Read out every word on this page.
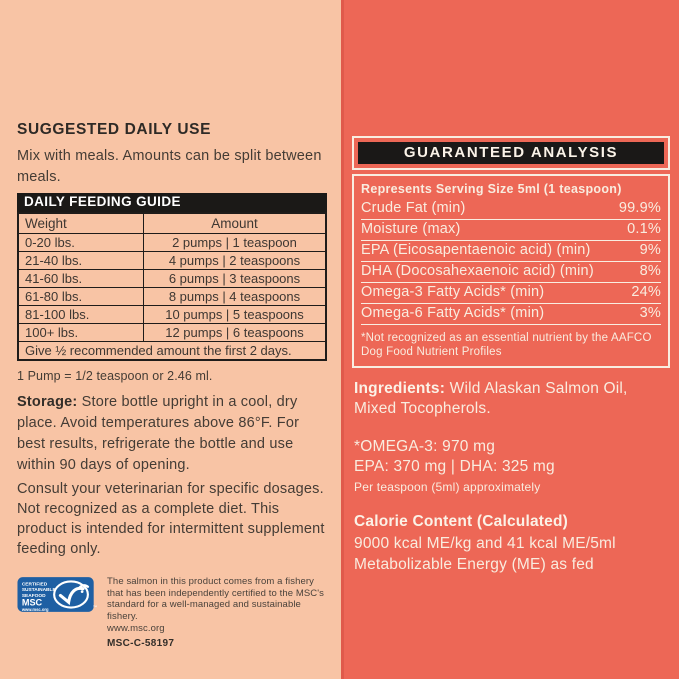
SUGGESTED DAILY USE

Mix with meals. Amounts can be split between meals.

DAILY FEEDING GUIDE
Weight	Amount
0-20 lbs.	2 pumps | 1 teaspoon
21-40 lbs.	4 pumps | 2 teaspoons
41-60 lbs.	6 pumps | 3 teaspoons
61-80 lbs.	8 pumps | 4 teaspoons
81-100 lbs.	10 pumps | 5 teaspoons
100+ lbs.	12 pumps | 6 teaspoons
Give ½ recommended amount the first 2 days.	

1 Pump = 1/2 teaspoon or 2.46 ml.

Storage: Store bottle upright in a cool, dry place. Avoid temperatures above 86°F. For best results, refrigerate the bottle and use within 90 days of opening.

Consult your veterinarian for specific dosages. Not recognized as a complete diet. This product is intended for intermittent supplement feeding only.

CERTIFIED
SUSTAINABLE
SEAFOOD
MSC
www.msc.org	™
The salmon in this product comes from a fishery that has been independently certified to the MSC's standard for a well-managed and sustainable fishery.
www.msc.org
MSC-C-58197
GUARANTEED ANALYSIS
Represents Serving Size 5ml (1 teaspoon)
Crude Fat (min)	99.9%
Moisture (max)	0.1%
EPA (Eicosapentaenoic acid) (min)	9%
DHA (Docosahexaenoic acid) (min)	8%
Omega-3 Fatty Acids* (min)	24%
Omega-6 Fatty Acids* (min)	3%
*Not recognized as an essential nutrient by the AAFCO Dog Food Nutrient Profiles

Ingredients: Wild Alaskan Salmon Oil, Mixed Tocopherols.

*OMEGA-3: 970 mg
EPA: 370 mg | DHA: 325 mg
Per teaspoon (5ml) approximately
Calorie Content (Calculated)
9000 kcal ME/kg and 41 kcal ME/5ml
Metabolizable Energy (ME) as fed
